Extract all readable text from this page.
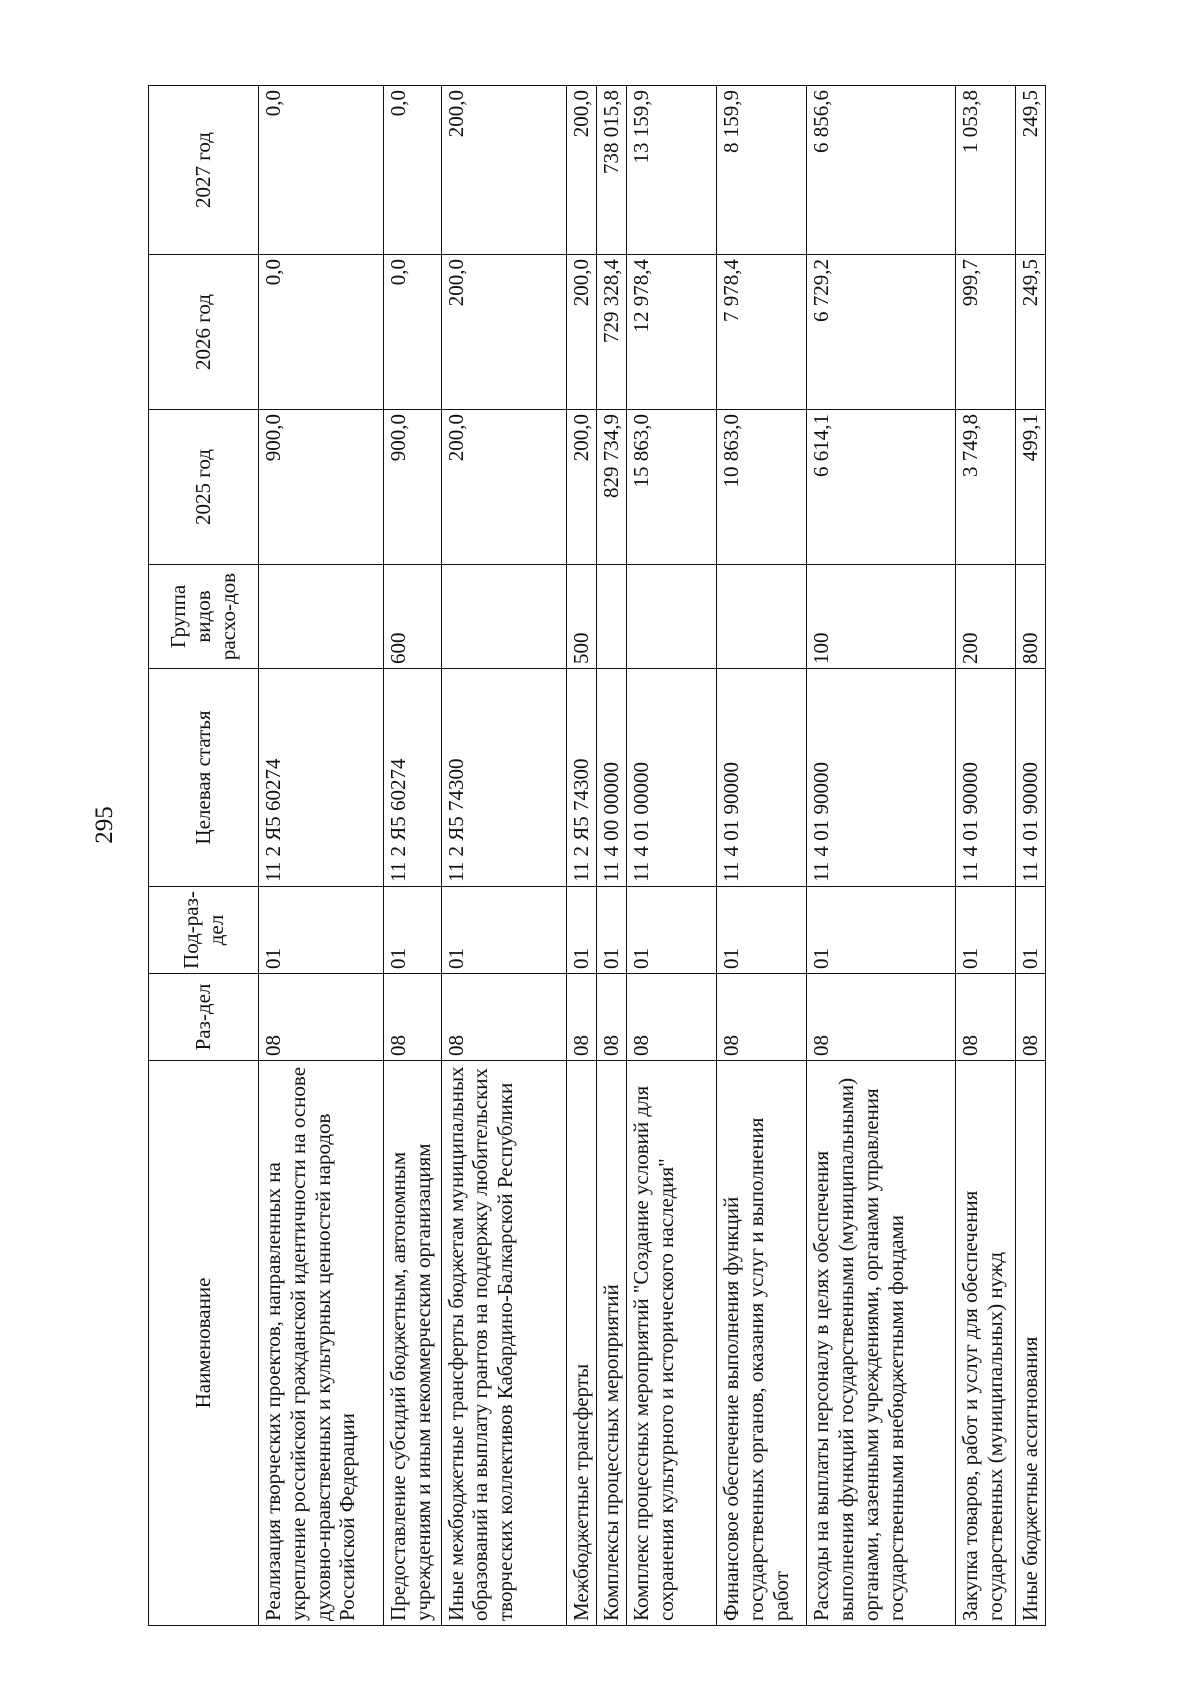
295
Наименование	Раз-дел	Под-раз-дел	Целевая статья	Группа видов расхо-дов	2025 год	2026 год	2027 год
Реализация творческих проектов, направленных на укрепление российской гражданской идентичности на основе духовно-нравственных и культурных ценностей народов Российской Федерации	08	01	11 2 Я5 60274		900,0	0,0	0,0
Предоставление субсидий бюджетным, автономным учреждениям и иным некоммерческим организациям	08	01	11 2 Я5 60274	600	900,0	0,0	0,0
Иные межбюджетные трансферты бюджетам муниципальных образований на выплату грантов на поддержку любительских творческих коллективов Кабардино-Балкарской Республики	08	01	11 2 Я5 74300		200,0	200,0	200,0
Межбюджетные трансферты	08	01	11 2 Я5 74300	500	200,0	200,0	200,0
Комплексы процессных мероприятий	08	01	11 4 00 00000		829 734,9	729 328,4	738 015,8
Комплекс процессных мероприятий "Создание условий для сохранения культурного и исторического наследия"	08	01	11 4 01 00000		15 863,0	12 978,4	13 159,9
Финансовое обеспечение выполнения функций государственных органов, оказания услуг и выполнения работ	08	01	11 4 01 90000		10 863,0	7 978,4	8 159,9
Расходы на выплаты персоналу в целях обеспечения выполнения функций государственными (муниципальными) органами, казенными учреждениями, органами управления государственными внебюджетными фондами	08	01	11 4 01 90000	100	6 614,1	6 729,2	6 856,6
Закупка товаров, работ и услуг для обеспечения государственных (муниципальных) нужд	08	01	11 4 01 90000	200	3 749,8	999,7	1 053,8
Иные бюджетные ассигнования	08	01	11 4 01 90000	800	499,1	249,5	249,5
